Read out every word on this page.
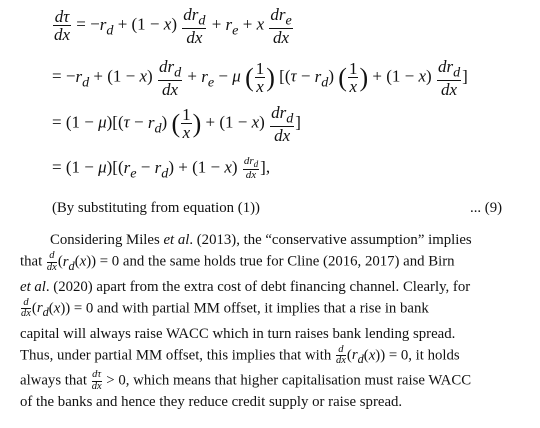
$\frac{d\tau}{dx} = -r_d + (1 - x) \frac{dr_d}{dx} + r_e + x \frac{dr_e}{dx}$
= $-r_d + (1 - x) \frac{dr_d}{dx} + r_e - \mu$ ( $\frac{1}{x}$ ) [$(\tau - r_d)$ ( $\frac{1}{x}$ ) + $(1 - x) \frac{dr_d}{dx}$ ]
= $(1 - \mu)[(\tau - r_d)$ ( $\frac{1}{x}$ ) + $(1 - x) \frac{dr_d}{dx}$ ]
= $(1 - \mu)[(r_e - r_d) + (1 - x) \frac{dr_d}{dx}$ ],
(By substituting from equation (1))	... (9)
Considering Miles et al. (2013), the “conservative assumption” implies
that $\frac{d}{dx} (r_d(x)) = 0$ and the same holds true for Cline (2016, 2017) and Birn
et al. (2020) apart from the extra cost of debt financing channel. Clearly, for
$\frac{d}{dx} (r_d(x)) = 0$ and with partial MM offset, it implies that a rise in bank
capital will always raise WACC which in turn raises bank lending spread.
Thus, under partial MM offset, this implies that with $\frac{d}{dx} (r_d(x)) = 0$, it holds
always that $\frac{d\tau}{dx} > 0$, which means that higher capitalisation must raise WACC
of the banks and hence they reduce credit supply or raise spread.
